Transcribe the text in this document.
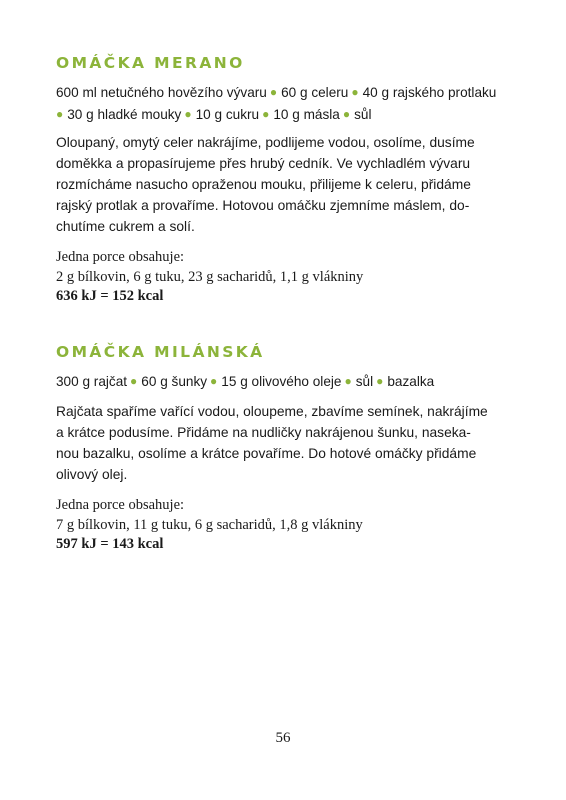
OMÁČKA MERANO

600 ml netučného hovězího vývaru ● 60 g celeru ● 40 g rajského protlaku
● 30 g hladké mouky ● 10 g cukru ● 10 g másla ● sůl

Oloupaný, omytý celer nakrájíme, podlijeme vodou, osolíme, dusíme
doměkka a propasírujeme přes hrubý cedník. Ve vychladlém vývaru
rozmícháme nasucho opraženou mouku, přilijeme k celeru, přidáme
rajský protlak a provaříme. Hotovou omáčku zjemníme máslem, do-
chutíme cukrem a solí.
Jedna porce obsahuje:
2 g bílkovin, 6 g tuku, 23 g sacharidů, 1,1 g vlákniny
636 kJ = 152 kcal
OMÁČKA MILÁNSKÁ

300 g rajčat ● 60 g šunky ● 15 g olivového oleje ● sůl ● bazalka

Rajčata spaříme vařící vodou, oloupeme, zbavíme semínek, nakrájíme
a krátce podusíme. Přidáme na nudličky nakrájenou šunku, naseka-
nou bazalku, osolíme a krátce povaříme. Do hotové omáčky přidáme
olivový olej.
Jedna porce obsahuje:
7 g bílkovin, 11 g tuku, 6 g sacharidů, 1,8 g vlákniny
597 kJ = 143 kcal
56
